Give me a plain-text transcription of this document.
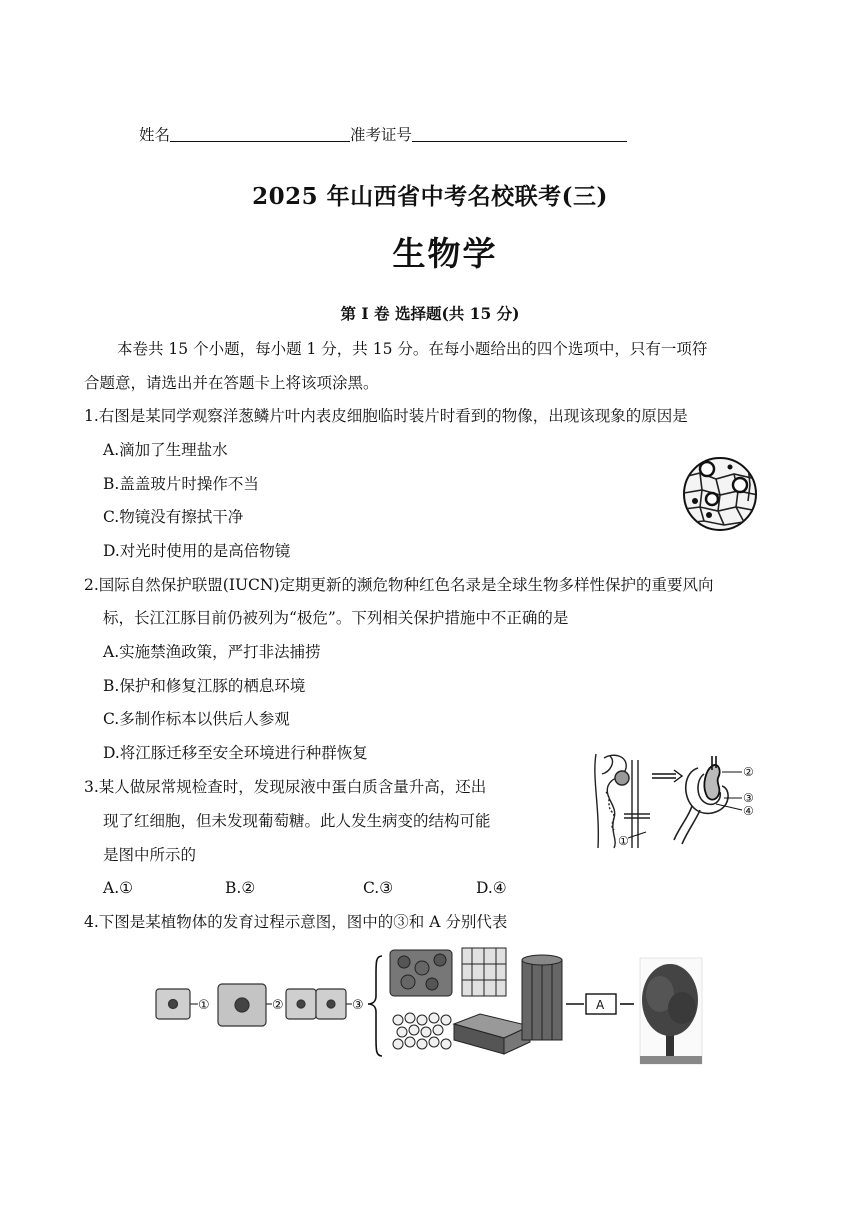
姓名	准考证号
2025 年山西省中考名校联考(三)
生物学
第 I 卷 选择题(共 15 分)
本卷共 15 个小题，每小题 1 分，共 15 分。在每小题给出的四个选项中，只有一项符
合题意，请选出并在答题卡上将该项涂黑。
1.右图是某同学观察洋葱鳞片叶内表皮细胞临时装片时看到的物像，出现该现象的原因是
A.滴加了生理盐水
B.盖盖玻片时操作不当
C.物镜没有擦拭干净
D.对光时使用的是高倍物镜
2.国际自然保护联盟(IUCN)定期更新的濒危物种红色名录是全球生物多样性保护的重要风向
标，长江江豚目前仍被列为“极危”。下列相关保护措施中不正确的是
A.实施禁渔政策，严打非法捕捞
B.保护和修复江豚的栖息环境
C.多制作标本以供后人参观
D.将江豚迁移至安全环境进行种群恢复
3.某人做尿常规检查时，发现尿液中蛋白质含量升高，还出
现了红细胞，但未发现葡萄糖。此人发生病变的结构可能
是图中所示的
A.①	B.②	C.③	D.④
②
③
④
①
4.下图是某植物体的发育过程示意图，图中的③和 A 分别代表
①	②	③	A
